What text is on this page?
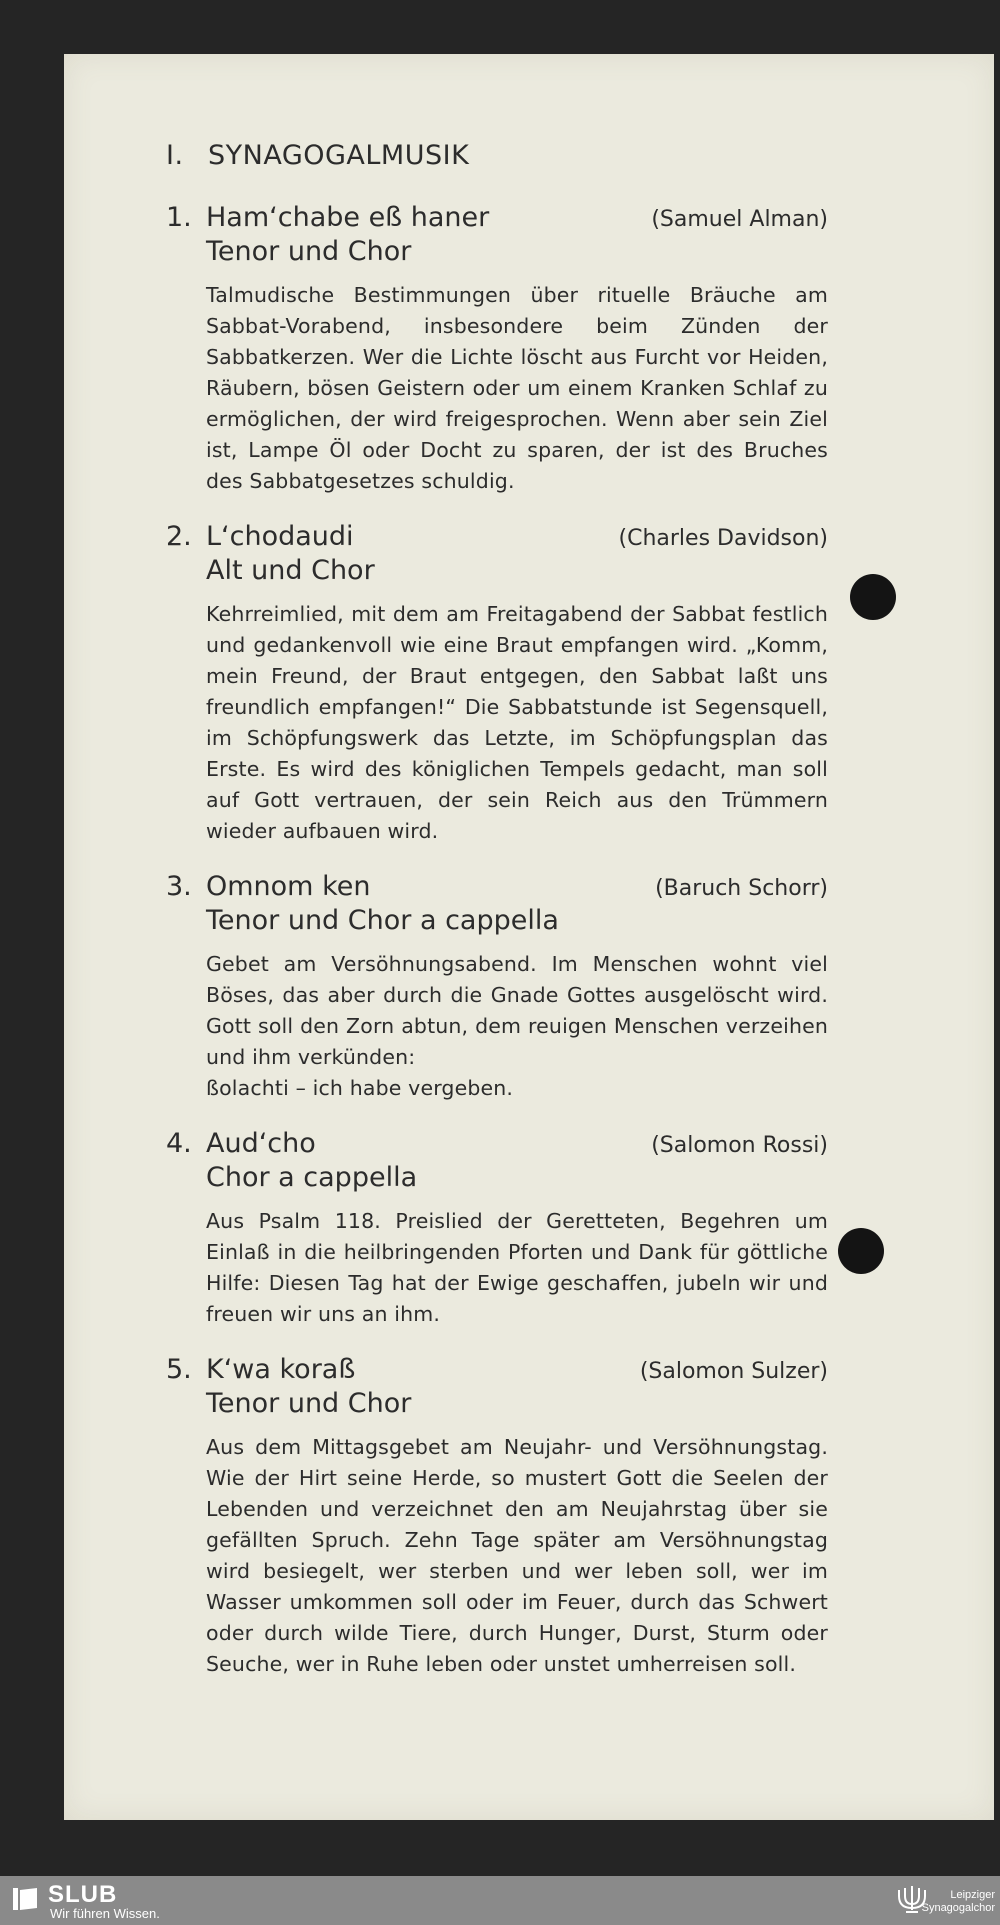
I. SYNAGOGALMUSIK
1. Ham‘chabe eß haner	(Samuel Alman)
Tenor und Chor

Talmudische Bestimmungen über rituelle Bräuche am Sabbat-Vorabend, insbesondere beim Zünden der Sabbatkerzen. Wer die Lichte löscht aus Furcht vor Heiden, Räubern, bösen Geistern oder um einem Kranken Schlaf zu ermöglichen, der wird freigesprochen. Wenn aber sein Ziel ist, Lampe Öl oder Docht zu sparen, der ist des Bruches des Sabbatgesetzes schuldig.

2. L‘chodaudi	(Charles Davidson)
Alt und Chor

Kehrreimlied, mit dem am Freitagabend der Sabbat festlich und gedankenvoll wie eine Braut empfangen wird. „Komm, mein Freund, der Braut entgegen, den Sabbat laßt uns freundlich empfangen!“ Die Sabbatstunde ist Segensquell, im Schöpfungswerk das Letzte, im Schöpfungsplan das Erste. Es wird des königlichen Tempels gedacht, man soll auf Gott vertrauen, der sein Reich aus den Trümmern wieder aufbauen wird.

3. Omnom ken	(Baruch Schorr)
Tenor und Chor a cappella

Gebet am Versöhnungsabend. Im Menschen wohnt viel Böses, das aber durch die Gnade Gottes ausgelöscht wird. Gott soll den Zorn abtun, dem reuigen Menschen verzeihen und ihm verkünden:

ßolachti – ich habe vergeben.

4. Aud‘cho	(Salomon Rossi)
Chor a cappella

Aus Psalm 118. Preislied der Geretteten, Begehren um Einlaß in die heilbringenden Pforten und Dank für göttliche Hilfe: Diesen Tag hat der Ewige geschaffen, jubeln wir und freuen wir uns an ihm.

5. K‘wa koraß	(Salomon Sulzer)
Tenor und Chor

Aus dem Mittagsgebet am Neujahr- und Versöhnungstag. Wie der Hirt seine Herde, so mustert Gott die Seelen der Lebenden und verzeichnet den am Neujahrstag über sie gefällten Spruch. Zehn Tage später am Versöhnungstag wird besiegelt, wer sterben und wer leben soll, wer im Wasser umkommen soll oder im Feuer, durch das Schwert oder durch wilde Tiere, durch Hunger, Durst, Sturm oder Seuche, wer in Ruhe leben oder unstet umherreisen soll.

SLUB
Wir führen Wissen.
Leipziger
Synagogalchor
